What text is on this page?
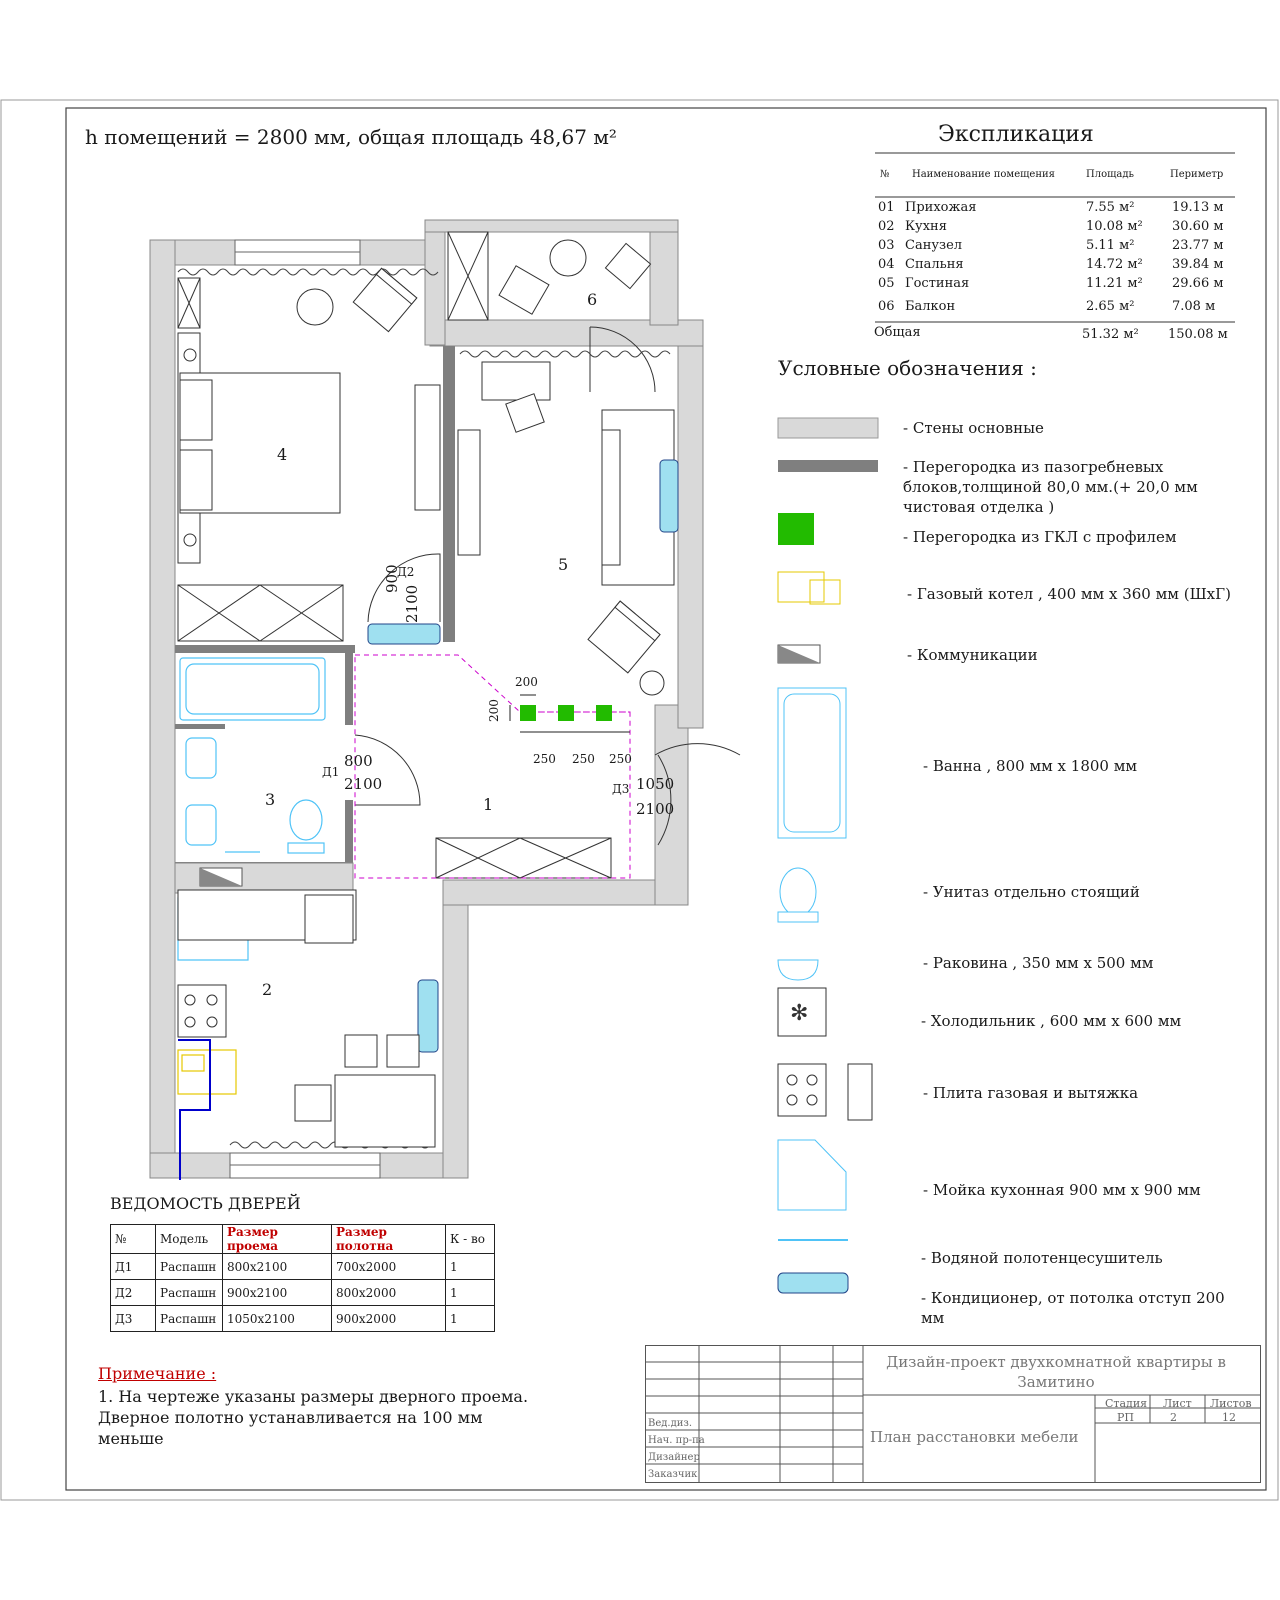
1
2
3
4
5
6
Д1
800
2100
Д2
900
2100
Д3 1050
2100
200
200
250 250 250
h помещений = 2800 мм, общая площадь 48,67 м²	Экспликация
№ Наименование помещения	Площадь	Периметр
01 Прихожая	7.55 м²	19.13 м
02 Кухня	10.08 м² 30.60 м
03 Санузел	5.11 м²	23.77 м
04 Спальня	14.72 м² 39.84 м
05 Гостиная	11.21 м² 29.66 м
06 Балкон	2.65 м²	7.08 м
Общая	51.32 м² 150.08 м
Условные обозначения :
✻
- Стены основные
- Перегородка из пазогребневых блоков,толщиной 80,0 мм.(+ 20,0 мм чистовая отделка )
- Перегородка из ГКЛ с профилем
- Газовый котел , 400 мм х 360 мм (ШхГ)
- Коммуникации
- Ванна , 800 мм х 1800 мм
- Унитаз отдельно стоящий
- Раковина , 350 мм х 500 мм
- Холодильник , 600 мм х 600 мм
- Плита газовая и вытяжка
- Мойка кухонная 900 мм х 900 мм
- Водяной полотенцесушитель
- Кондиционер, от потолка отступ 200 мм
ВЕДОМОСТЬ ДВЕРЕЙ
№	Модель	Размер проема	Размер полотна	К - во
Д1	Распашн	800х2100	700х2000	1
Д2	Распашн	900х2100	800х2000	1
Д3	Распашн	1050х2100	900х2000	1
Примечание :
1. На чертеже указаны размеры дверного проема. Дверное полотно устанавливается на 100 мм меньше
Дизайн-проект двухкомнатной квартиры в Замитино
План расстановки мебели
Стадия Лист Листов
РП	2	12
Вед.диз.
Нач. пр-па
Дизайнер
Заказчик
